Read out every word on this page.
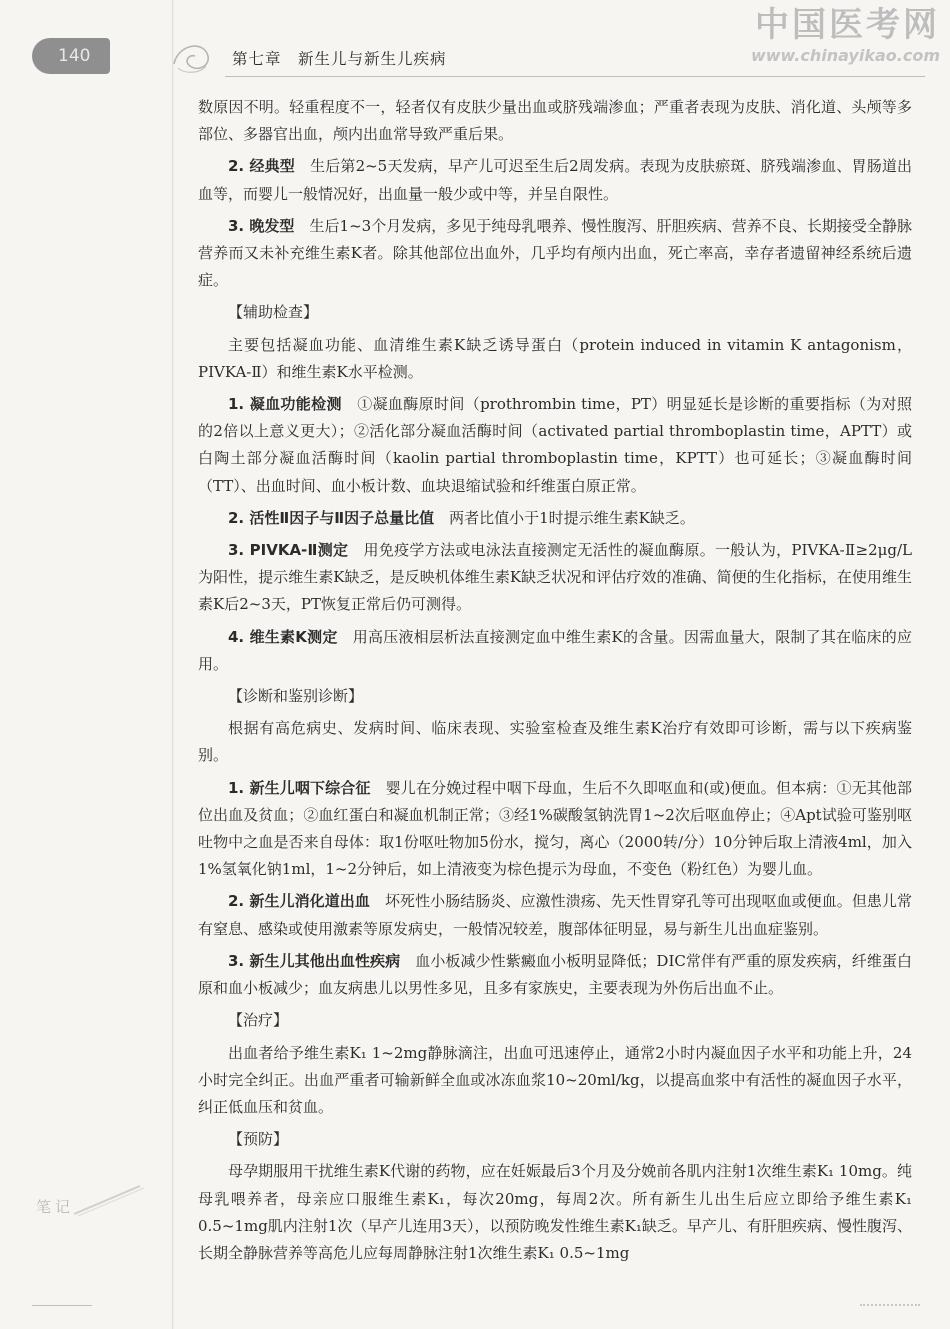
140	第七章　新生儿与新生儿疾病
中国医考网
www.chinayikao.com

数原因不明。轻重程度不一，轻者仅有皮肤少量出血或脐残端渗血；严重者表现为皮肤、消化道、头颅等多部位、多器官出血，颅内出血常导致严重后果。

2. 经典型　生后第2~5天发病，早产儿可迟至生后2周发病。表现为皮肤瘀斑、脐残端渗血、胃肠道出血等，而婴儿一般情况好，出血量一般少或中等，并呈自限性。

3. 晚发型　生后1~3个月发病，多见于纯母乳喂养、慢性腹泻、肝胆疾病、营养不良、长期接受全静脉营养而又未补充维生素K者。除其他部位出血外，几乎均有颅内出血，死亡率高，幸存者遗留神经系统后遗症。

【辅助检查】

主要包括凝血功能、血清维生素K缺乏诱导蛋白（protein induced in vitamin K antagonism，PIVKA-Ⅱ）和维生素K水平检测。

1. 凝血功能检测　①凝血酶原时间（prothrombin time，PT）明显延长是诊断的重要指标（为对照的2倍以上意义更大）；②活化部分凝血活酶时间（activated partial thromboplastin time，APTT）或白陶土部分凝血活酶时间（kaolin partial thromboplastin time，KPTT）也可延长；③凝血酶时间（TT）、出血时间、血小板计数、血块退缩试验和纤维蛋白原正常。

2. 活性Ⅱ因子与Ⅱ因子总量比值　两者比值小于1时提示维生素K缺乏。

3. PIVKA-Ⅱ测定　用免疫学方法或电泳法直接测定无活性的凝血酶原。一般认为，PIVKA-Ⅱ≥2μg/L为阳性，提示维生素K缺乏，是反映机体维生素K缺乏状况和评估疗效的准确、简便的生化指标，在使用维生素K后2~3天，PT恢复正常后仍可测得。

4. 维生素K测定　用高压液相层析法直接测定血中维生素K的含量。因需血量大，限制了其在临床的应用。

【诊断和鉴别诊断】

根据有高危病史、发病时间、临床表现、实验室检查及维生素K治疗有效即可诊断，需与以下疾病鉴别。

1. 新生儿咽下综合征　婴儿在分娩过程中咽下母血，生后不久即呕血和(或)便血。但本病：①无其他部位出血及贫血；②血红蛋白和凝血机制正常；③经1%碳酸氢钠洗胃1~2次后呕血停止；④Apt试验可鉴别呕吐物中之血是否来自母体：取1份呕吐物加5份水，搅匀，离心（2000转/分）10分钟后取上清液4ml，加入1%氢氧化钠1ml，1~2分钟后，如上清液变为棕色提示为母血，不变色（粉红色）为婴儿血。

2. 新生儿消化道出血　坏死性小肠结肠炎、应激性溃疡、先天性胃穿孔等可出现呕血或便血。但患儿常有窒息、感染或使用激素等原发病史，一般情况较差，腹部体征明显，易与新生儿出血症鉴别。

3. 新生儿其他出血性疾病　血小板减少性紫癜血小板明显降低；DIC常伴有严重的原发疾病，纤维蛋白原和血小板减少；血友病患儿以男性多见，且多有家族史，主要表现为外伤后出血不止。

【治疗】

出血者给予维生素K₁ 1~2mg静脉滴注，出血可迅速停止，通常2小时内凝血因子水平和功能上升，24小时完全纠正。出血严重者可输新鲜全血或冰冻血浆10~20ml/kg，以提高血浆中有活性的凝血因子水平，纠正低血压和贫血。

【预防】

母孕期服用干扰维生素K代谢的药物，应在妊娠最后3个月及分娩前各肌内注射1次维生素K₁ 10mg。纯母乳喂养者，母亲应口服维生素K₁，每次20mg，每周2次。所有新生儿出生后应立即给予维生素K₁ 0.5~1mg肌内注射1次（早产儿连用3天），以预防晚发性维生素K₁缺乏。早产儿、有肝胆疾病、慢性腹泻、长期全静脉营养等高危儿应每周静脉注射1次维生素K₁ 0.5~1mg

笔记
